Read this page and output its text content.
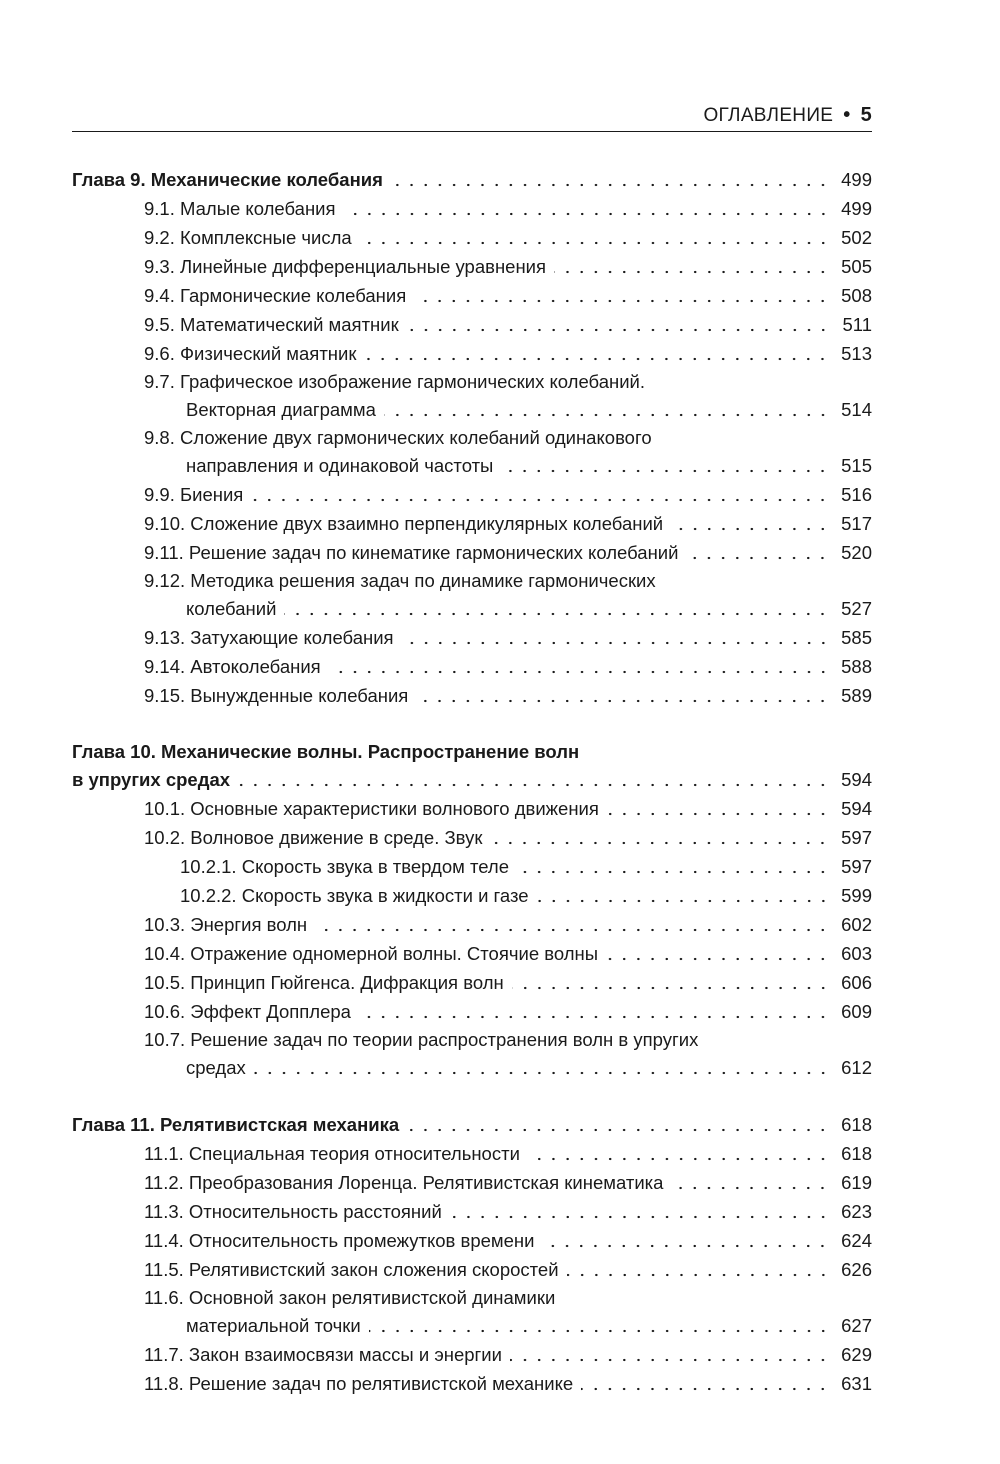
ОГЛАВЛЕНИЕ • 5
Глава 9. Механические колебания	499
9.1. Малые колебания	499
9.2. Комплексные числа	502
9.3. Линейные дифференциальные уравнения	505
9.4. Гармонические колебания	508
9.5. Математический маятник	511
9.6. Физический маятник	513
9.7. Графическое изображение гармонических колебаний.
Векторная диаграмма	514
9.8. Сложение двух гармонических колебаний одинакового
направления и одинаковой частоты	515
9.9. Биения	516
9.10. Сложение двух взаимно перпендикулярных колебаний	517
9.11. Решение задач по кинематике гармонических колебаний	520
9.12. Методика решения задач по динамике гармонических
колебаний	527
9.13. Затухающие колебания	585
9.14. Автоколебания	588
9.15. Вынужденные колебания	589
Глава 10. Механические волны. Распространение волн
в упругих средах	594
10.1. Основные характеристики волнового движения	594
10.2. Волновое движение в среде. Звук	597
10.2.1. Скорость звука в твердом теле	597
10.2.2. Скорость звука в жидкости и газе	599
10.3. Энергия волн	602
10.4. Отражение одномерной волны. Стоячие волны	603
10.5. Принцип Гюйгенса. Дифракция волн	606
10.6. Эффект Допплера	609
10.7. Решение задач по теории распространения волн в упругих
средах	612
Глава 11. Релятивистская механика	618
11.1. Специальная теория относительности	618
11.2. Преобразования Лоренца. Релятивистская кинематика	619
11.3. Относительность расстояний	623
11.4. Относительность промежутков времени	624
11.5. Релятивистский закон сложения скоростей	626
11.6. Основной закон релятивистской динамики
материальной точки	627
11.7. Закон взаимосвязи массы и энергии	629
11.8. Решение задач по релятивистской механике	631
